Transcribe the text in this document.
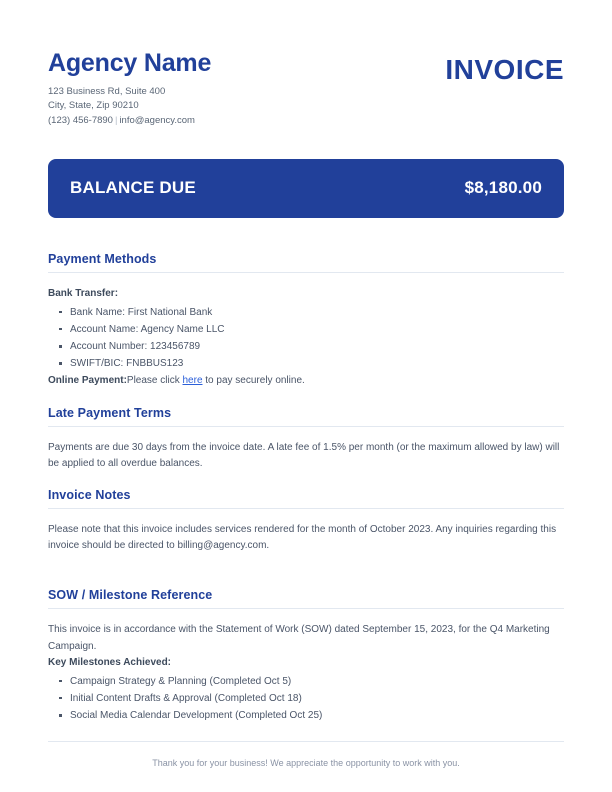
Agency Name
123 Business Rd, Suite 400
City, State, Zip 90210
(123) 456-7890 | info@agency.com
INVOICE
BALANCE DUE	$8,180.00
Payment Methods
Bank Transfer:
Bank Name: First National Bank
Account Name: Agency Name LLC
Account Number: 123456789
SWIFT/BIC: FNBBUS123
Online Payment:Please click here to pay securely online.
Late Payment Terms

Payments are due 30 days from the invoice date. A late fee of 1.5% per month (or the maximum allowed by law) will be applied to all overdue balances.

Invoice Notes

Please note that this invoice includes services rendered for the month of October 2023. Any inquiries regarding this invoice should be directed to billing@agency.com.

SOW / Milestone Reference

This invoice is in accordance with the Statement of Work (SOW) dated September 15, 2023, for the Q4 Marketing Campaign.

Key Milestones Achieved:
Campaign Strategy & Planning (Completed Oct 5)
Initial Content Drafts & Approval (Completed Oct 18)
Social Media Calendar Development (Completed Oct 25)
Thank you for your business! We appreciate the opportunity to work with you.
